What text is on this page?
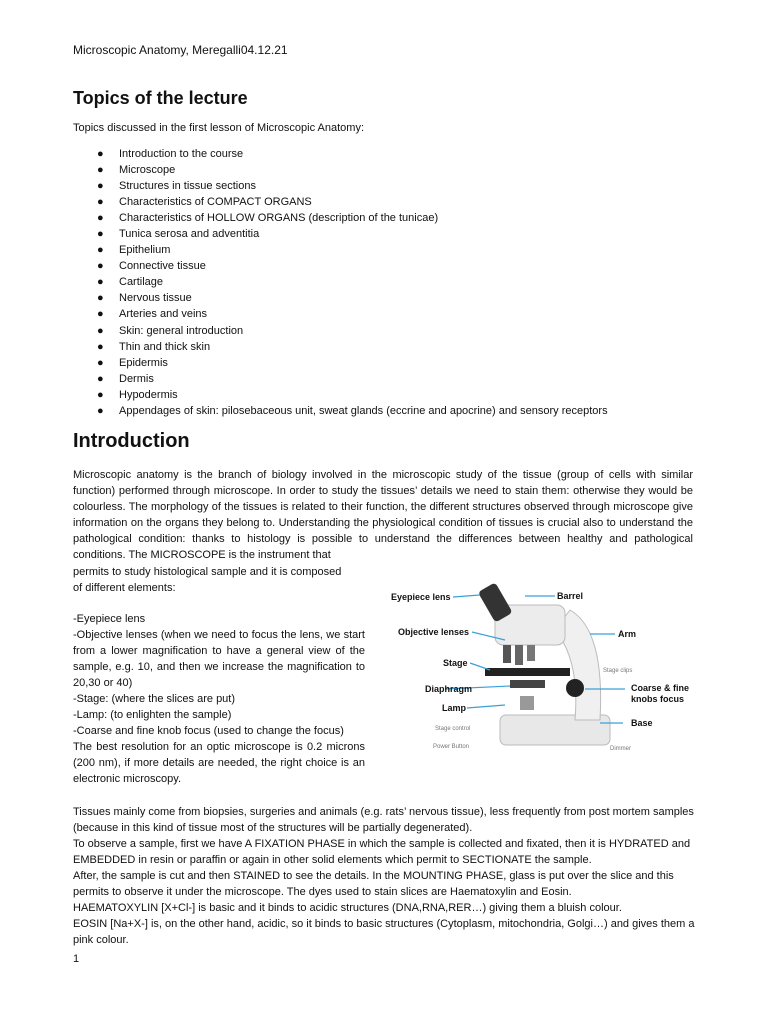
Microscopic Anatomy, Meregalli04.12.21
Topics of the lecture
Topics discussed in the first lesson of Microscopic Anatomy:
● Introduction to the course
● Microscope
● Structures in tissue sections
● Characteristics of COMPACT ORGANS
● Characteristics of HOLLOW ORGANS (description of the tunicae)
● Tunica serosa and adventitia
● Epithelium
● Connective tissue
● Cartilage
● Nervous tissue
● Arteries and veins
● Skin: general introduction
● Thin and thick skin
● Epidermis
● Dermis
● Hypodermis
● Appendages of skin: pilosebaceous unit, sweat glands (eccrine and apocrine) and sensory receptors
Introduction
Microscopic anatomy is the branch of biology involved in the microscopic study of the tissue (group of cells with similar function) performed through microscope. In order to study the tissues’ details we need to stain them: otherwise they would be colourless. The morphology of the tissues is related to their function, the different structures observed through microscope give information on the organs they belong to. Understanding the physiological condition of tissues is crucial also to understand the pathological condition: thanks to histology is possible to understand the differences between healthy and pathological conditions. The MICROSCOPE is the instrument that

permits to study histological sample and it is composed

of different elements:

-Eyepiece lens

-Objective lenses (when we need to focus the lens, we start from a lower magnification to have a general view of the sample, e.g. 10, and then we increase the magnification to 20,30 or 40)

-Stage: (where the slices are put)

-Lamp: (to enlighten the sample)

-Coarse and fine knob focus (used to change the focus)

The best resolution for an optic microscope is 0.2 microns (200 nm), if more details are needed, the right choice is an electronic microscopy.

Eyepiece lens	Barrel
Objective lenses	Arm
Stage
Stage clips
Diaphragm	Coarse & fine
knobs focus
Lamp
Base
Stage control
Power Button	Dimmer

Tissues mainly come from biopsies, surgeries and animals (e.g. rats’ nervous tissue), less frequently from post mortem samples (because in this kind of tissue most of the structures will be partially degenerated).

To observe a sample, first we have A FIXATION PHASE in which the sample is collected and fixated, then it is HYDRATED and EMBEDDED in resin or paraffin or again in other solid elements which permit to SECTIONATE the sample.

After, the sample is cut and then STAINED to see the details. In the MOUNTING PHASE, glass is put over the slice and this permits to observe it under the microscope. The dyes used to stain slices are Haematoxylin and Eosin.

HAEMATOXYLIN [X+Cl-] is basic and it binds to acidic structures (DNA,RNA,RER…) giving them a bluish colour.

EOSIN [Na+X-] is, on the other hand, acidic, so it binds to basic structures (Cytoplasm, mitochondria, Golgi…) and gives them a pink colour.

1
